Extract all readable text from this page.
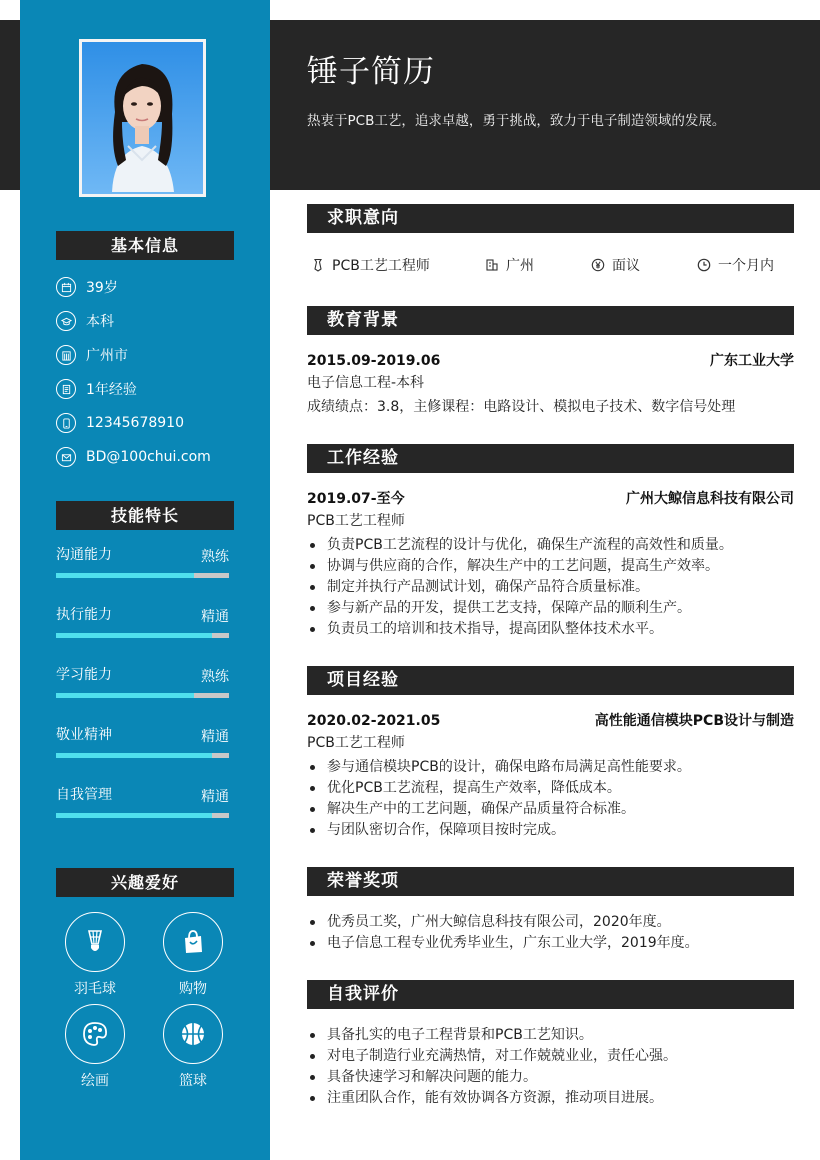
基本信息
39岁
本科
广州市
1年经验
12345678910
BD@100chui.com
技能特长
沟通能力	熟练
执行能力	精通
学习能力	熟练
敬业精神	精通
自我管理	精通
兴趣爱好
羽毛球	购物
绘画	篮球
锤子简历
热衷于PCB工艺，追求卓越，勇于挑战，致力于电子制造领域的发展。
求职意向
PCB工艺工程师	广州	面议	一个月内
教育背景
2015.09-2019.06	广东工业大学
电子信息工程-本科
成绩绩点：3.8，主修课程：电路设计、模拟电子技术、数字信号处理
工作经验
2019.07-至今	广州大鲸信息科技有限公司
PCB工艺工程师
负责PCB工艺流程的设计与优化，确保生产流程的高效性和质量。
协调与供应商的合作，解决生产中的工艺问题，提高生产效率。
制定并执行产品测试计划，确保产品符合质量标准。
参与新产品的开发，提供工艺支持，保障产品的顺利生产。
负责员工的培训和技术指导，提高团队整体技术水平。
项目经验
2020.02-2021.05	高性能通信模块PCB设计与制造
PCB工艺工程师
参与通信模块PCB的设计，确保电路布局满足高性能要求。
优化PCB工艺流程，提高生产效率，降低成本。
解决生产中的工艺问题，确保产品质量符合标准。
与团队密切合作，保障项目按时完成。
荣誉奖项
优秀员工奖，广州大鲸信息科技有限公司，2020年度。
电子信息工程专业优秀毕业生，广东工业大学，2019年度。
自我评价
具备扎实的电子工程背景和PCB工艺知识。
对电子制造行业充满热情，对工作兢兢业业，责任心强。
具备快速学习和解决问题的能力。
注重团队合作，能有效协调各方资源，推动项目进展。
